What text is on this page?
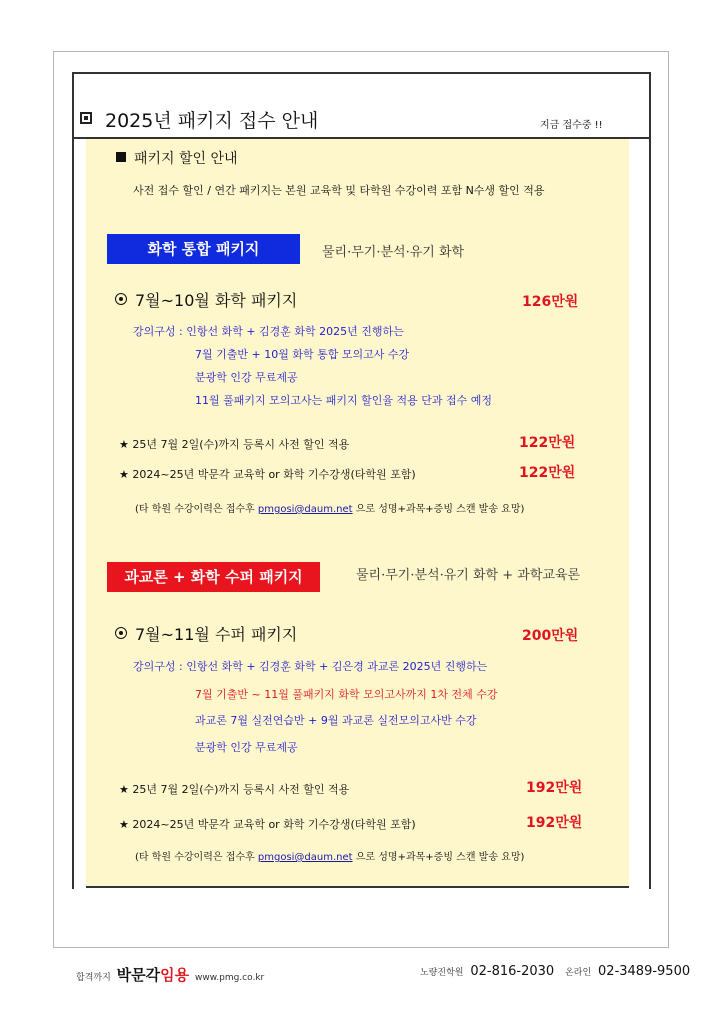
2025년 패키지 접수 안내	지금 접수중 !!
패키지 할인 안내
사전 접수 할인 / 연간 패키지는 본원 교육학 및 타학원 수강이력 포함 N수생 할인 적용
화학 통합 패키지	물리·무기·분석·유기 화학
7월~10월 화학 패키지	126만원
강의구성 : 인항선 화학 + 김경훈 화학 2025년 진행하는
7월 기출반 + 10월 화학 통합 모의고사 수강
분광학 인강 무료제공
11월 풀패키지 모의고사는 패키지 할인율 적용 단과 접수 예정
★ 25년 7월 2일(수)까지 등록시 사전 할인 적용	122만원
★ 2024~25년 박문각 교육학 or 화학 기수강생(타학원 포함)	122만원
(타 학원 수강이력은 접수후 pmgosi@daum.net 으로 성명+과목+증빙 스캔 발송 요망)
과교론 + 화학 수퍼 패키지	물리·무기·분석·유기 화학 + 과학교육론
7월~11월 수퍼 패키지	200만원
강의구성 : 인항선 화학 + 김경훈 화학 + 김은경 과교론 2025년 진행하는
7월 기출반 ~ 11월 풀패키지 화학 모의고사까지 1차 전체 수강
과교론 7월 실전연습반 + 9월 과교론 실전모의고사반 수강
분광학 인강 무료제공
★ 25년 7월 2일(수)까지 등록시 사전 할인 적용	192만원
★ 2024~25년 박문각 교육학 or 화학 기수강생(타학원 포함)	192만원
(타 학원 수강이력은 접수후 pmgosi@daum.net 으로 성명+과목+증빙 스캔 발송 요망)
합격까지 박문각임용 www.pmg.co.kr	노량진학원 02-816-2030 온라인 02-3489-9500
